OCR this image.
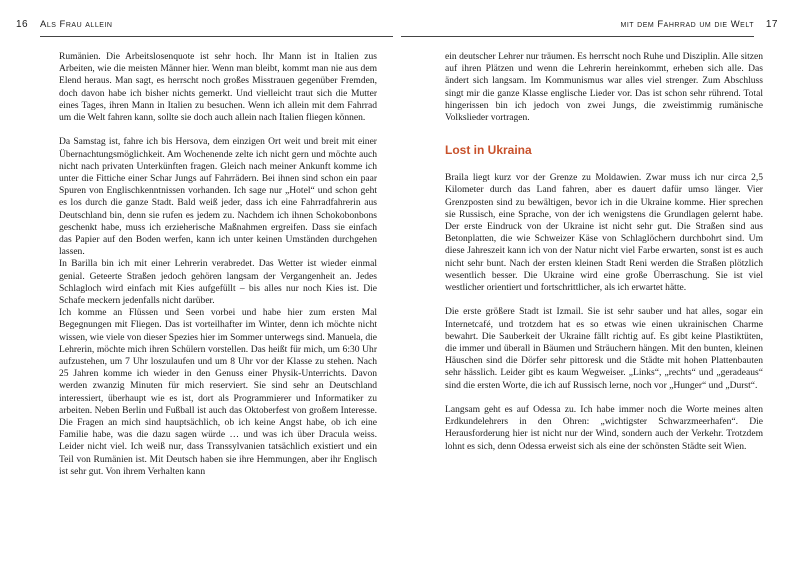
16 Als Frau allein

Rumänien. Die Arbeitslosenquote ist sehr hoch. Ihr Mann ist in Italien zus Arbeiten, wie die meisten Männer hier. Wenn man bleibt, kommt man nie aus dem Elend heraus. Man sagt, es herrscht noch großes Misstrauen gegenüber Fremden, doch davon habe ich bisher nichts gemerkt. Und vielleicht traut sich die Mutter eines Tages, ihren Mann in Italien zu besuchen. Wenn ich allein mit dem Fahrrad um die Welt fahren kann, sollte sie doch auch allein nach Italien fliegen können.

Da Samstag ist, fahre ich bis Hersova, dem einzigen Ort weit und breit mit einer Übernachtungsmöglichkeit. Am Wochenende zelte ich nicht gern und möchte auch nicht nach privaten Unterkünften fragen. Gleich nach meiner Ankunft komme ich unter die Fittiche einer Schar Jungs auf Fahrrädern. Bei ihnen sind schon ein paar Spuren von Englischkenntnissen vorhanden. Ich sage nur „Hotel“ und schon geht es los durch die ganze Stadt. Bald weiß jeder, dass ich eine Fahrradfahrerin aus Deutschland bin, denn sie rufen es jedem zu. Nachdem ich ihnen Schokobonbons geschenkt habe, muss ich erzieherische Maßnahmen ergreifen. Dass sie einfach das Papier auf den Boden werfen, kann ich unter keinen Umständen durchgehen lassen.

In Barilla bin ich mit einer Lehrerin verabredet. Das Wetter ist wieder einmal genial. Geteerte Straßen jedoch gehören langsam der Vergangenheit an. Jedes Schlagloch wird einfach mit Kies aufgefüllt – bis alles nur noch Kies ist. Die Schafe meckern jedenfalls nicht darüber.

Ich komme an Flüssen und Seen vorbei und habe hier zum ersten Mal Begegnungen mit Fliegen. Das ist vorteilhafter im Winter, denn ich möchte nicht wissen, wie viele von dieser Spezies hier im Sommer unterwegs sind. Manuela, die Lehrerin, möchte mich ihren Schülern vorstellen. Das heißt für mich, um 6:30 Uhr aufzustehen, um 7 Uhr loszulaufen und um 8 Uhr vor der Klasse zu stehen. Nach 25 Jahren komme ich wieder in den Genuss einer Physik-Unterrichts. Davon werden zwanzig Minuten für mich reserviert. Sie sind sehr an Deutschland interessiert, überhaupt wie es ist, dort als Programmierer und Informatiker zu arbeiten. Neben Berlin und Fußball ist auch das Oktoberfest von großem Interesse. Die Fragen an mich sind hauptsächlich, ob ich keine Angst habe, ob ich eine Familie habe, was die dazu sagen würde … und was ich über Dracula weiss. Leider nicht viel. Ich weiß nur, dass Transsylvanien tatsächlich existiert und ein Teil von Rumänien ist. Mit Deutsch haben sie ihre Hemmungen, aber ihr Englisch ist sehr gut. Von ihrem Verhalten kann

mit dem Fahrrad um die Welt 17

ein deutscher Lehrer nur träumen. Es herrscht noch Ruhe und Disziplin. Alle sitzen auf ihren Plätzen und wenn die Lehrerin hereinkommt, erheben sich alle. Das ändert sich langsam. Im Kommunismus war alles viel strenger. Zum Abschluss singt mir die ganze Klasse englische Lieder vor. Das ist schon sehr rührend. Total hingerissen bin ich jedoch von zwei Jungs, die zweistimmig rumänische Volkslieder vortragen.

Lost in Ukraina

Braila liegt kurz vor der Grenze zu Moldawien. Zwar muss ich nur circa 2,5 Kilometer durch das Land fahren, aber es dauert dafür umso länger. Vier Grenzposten sind zu bewältigen, bevor ich in die Ukraine komme. Hier sprechen sie Russisch, eine Sprache, von der ich wenigstens die Grundlagen gelernt habe. Der erste Eindruck von der Ukraine ist nicht sehr gut. Die Straßen sind aus Betonplatten, die wie Schweizer Käse von Schlaglöchern durchbohrt sind. Um diese Jahreszeit kann ich von der Natur nicht viel Farbe erwarten, sonst ist es auch nicht sehr bunt. Nach der ersten kleinen Stadt Reni werden die Straßen plötzlich wesentlich besser. Die Ukraine wird eine große Überraschung. Sie ist viel westlicher orientiert und fortschrittlicher, als ich erwartet hätte.

Die erste größere Stadt ist Izmail. Sie ist sehr sauber und hat alles, sogar ein Internetcafé, und trotzdem hat es so etwas wie einen ukrainischen Charme bewahrt. Die Sauberkeit der Ukraine fällt richtig auf. Es gibt keine Plastiktüten, die immer und überall in Bäumen und Sträuchern hängen. Mit den bunten, kleinen Häuschen sind die Dörfer sehr pittoresk und die Städte mit hohen Plattenbauten sehr hässlich. Leider gibt es kaum Wegweiser. „Links“, „rechts“ und „geradeaus“ sind die ersten Worte, die ich auf Russisch lerne, noch vor „Hunger“ und „Durst“.

Langsam geht es auf Odessa zu. Ich habe immer noch die Worte meines alten Erdkundelehrers in den Ohren: „wichtigster Schwarzmeerhafen“. Die Herausforderung hier ist nicht nur der Wind, sondern auch der Verkehr. Trotzdem lohnt es sich, denn Odessa erweist sich als eine der schönsten Städte seit Wien.
